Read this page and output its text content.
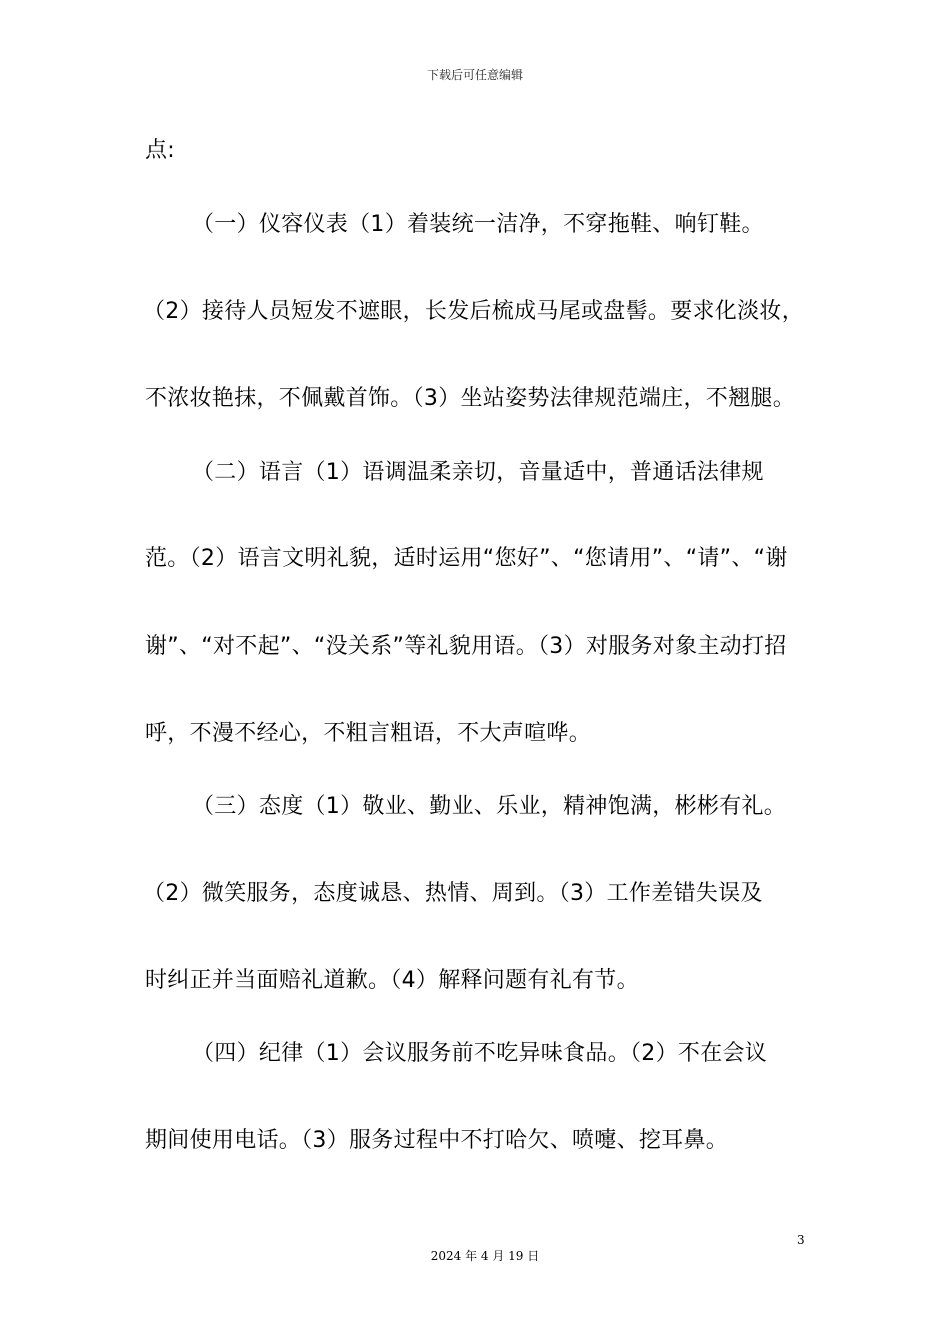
下载后可任意编辑
点:
（一）仪容仪表（1）着装统一洁净，不穿拖鞋、响钉鞋。
（2）接待人员短发不遮眼，长发后梳成马尾或盘髻。要求化淡妆，
不浓妆艳抹，不佩戴首饰。（3）坐站姿势法律规范端庄，不翘腿。
（二）语言（1）语调温柔亲切，音量适中，普通话法律规
范。（2）语言文明礼貌，适时运用“您好”、“您请用”、“请”、“谢
谢”、“对不起”、“没关系”等礼貌用语。（3）对服务对象主动打招
呼，不漫不经心，不粗言粗语，不大声喧哗。
（三）态度（1）敬业、勤业、乐业，精神饱满，彬彬有礼。
（2）微笑服务，态度诚恳、热情、周到。（3）工作差错失误及
时纠正并当面赔礼道歉。（4）解释问题有礼有节。
（四）纪律（1）会议服务前不吃异味食品。（2）不在会议
期间使用电话。（3）服务过程中不打哈欠、喷嚏、挖耳鼻。
3
2024 年 4 月 19 日
